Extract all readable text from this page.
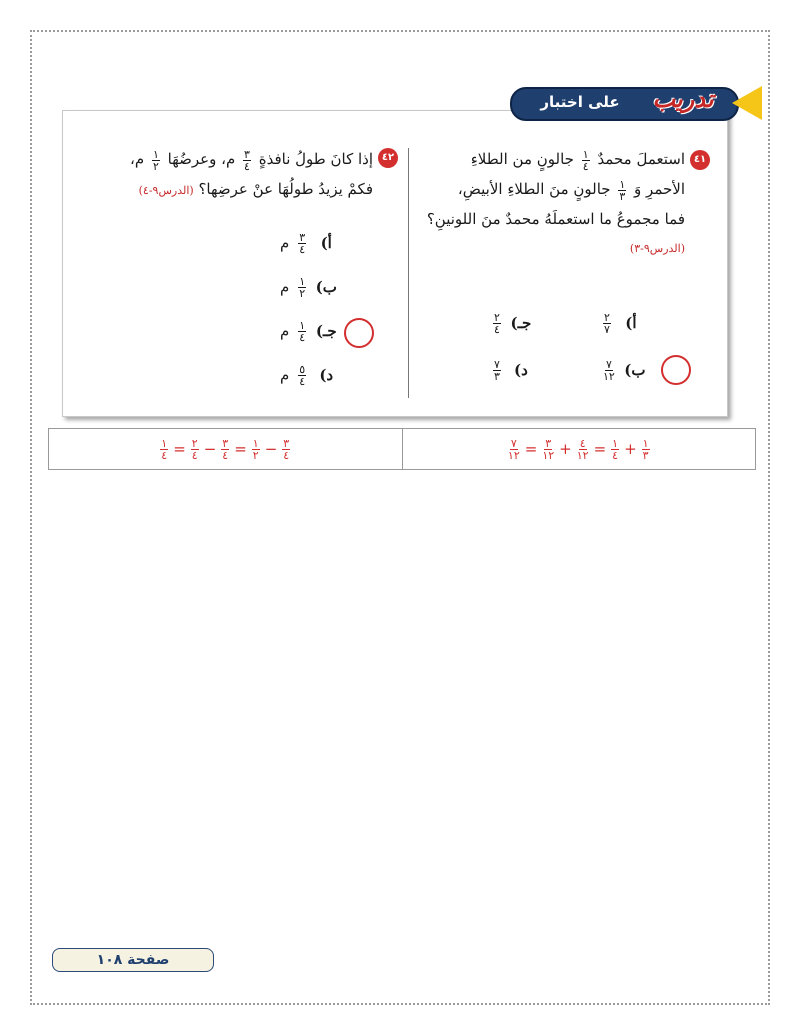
على اختبار	تدريب
٤١
استعملَ محمدٌ
$\frac{١}{٤}$
جالونٍ من الطلاءِ
الأحمرِ وَ
$\frac{١}{٣}$
جالونٍ منَ الطلاءِ الأبيضِ،
فما مجموعُ ما استعملَهُ محمدٌ منَ اللونينِ؟
(الدرس٩-٣)
أ)
$\frac{٢}{٧}$
جـ)
$\frac{٢}{٤}$
ب)
$\frac{٧}{١٢}$
د)
$\frac{٧}{٣}$
٤٢
إذا كانَ طولُ نافذةٍ
$\frac{٣}{٤}$
م، وعرضُهَا
$\frac{١}{٢}$
م،
فكمْ يزيدُ طولُهَا عنْ عرضِها؟ (الدرس٩-٤)
أ)
$\frac{٣}{٤}$
م
ب)
$\frac{١}{٢}$
م
جـ)
$\frac{١}{٤}$
م
د)
$\frac{٥}{٤}$
م
$\frac{١}{٤} = \frac{٢}{٤} - \frac{٣}{٤} = \frac{١}{٢} - \frac{٣}{٤}$	$\frac{٧}{١٢} = \frac{٣}{١٢} + \frac{٤}{١٢} = \frac{١}{٤} + \frac{١}{٣}$
صفحة ١٠٨
